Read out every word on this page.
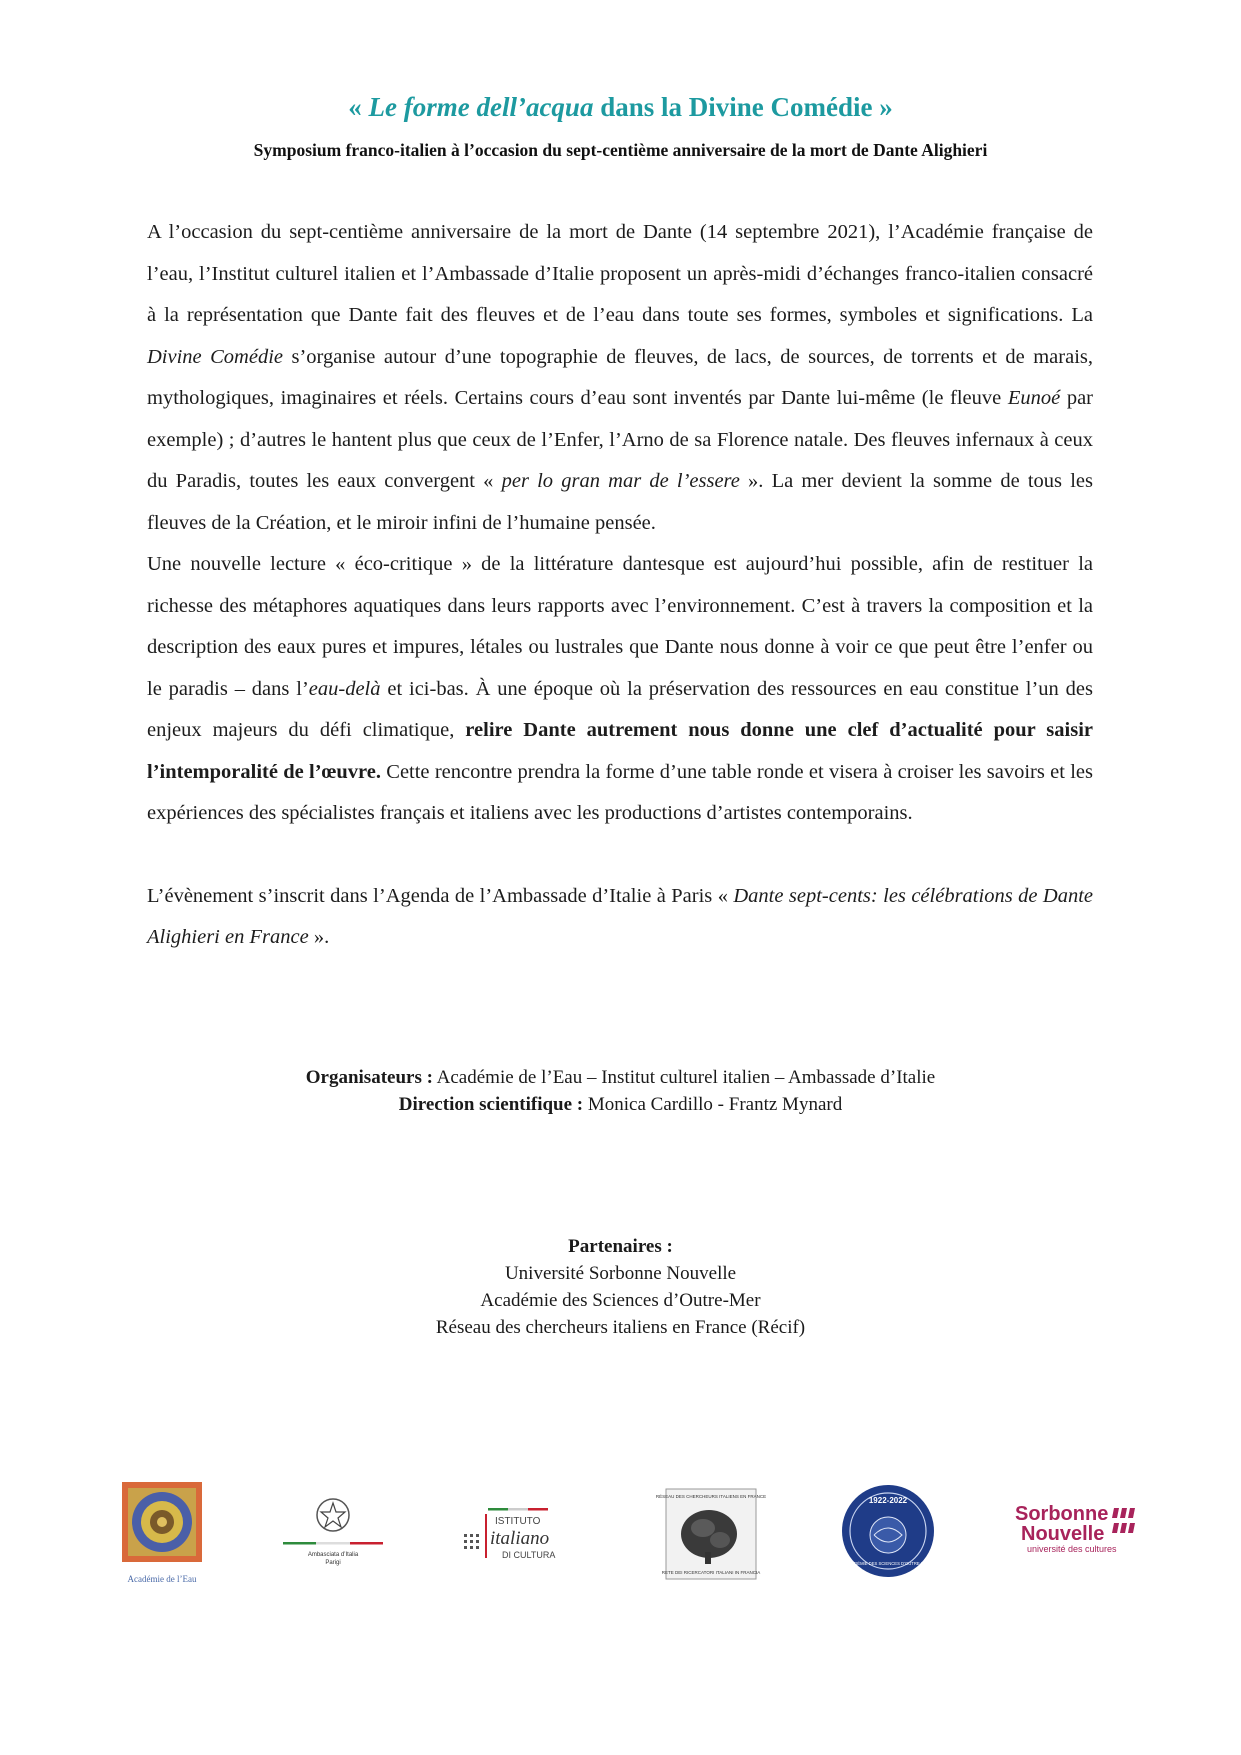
« Le forme dell’acqua dans la Divine Comédie »
Symposium franco-italien à l’occasion du sept-centième anniversaire de la mort de Dante Alighieri

A l’occasion du sept-centième anniversaire de la mort de Dante (14 septembre 2021), l’Académie française de l’eau, l’Institut culturel italien et l’Ambassade d’Italie proposent un après-midi d’échanges franco-italien consacré à la représentation que Dante fait des fleuves et de l’eau dans toute ses formes, symboles et significations. La Divine Comédie s’organise autour d’une topographie de fleuves, de lacs, de sources, de torrents et de marais, mythologiques, imaginaires et réels. Certains cours d’eau sont inventés par Dante lui-même (le fleuve Eunoé par exemple) ; d’autres le hantent plus que ceux de l’Enfer, l’Arno de sa Florence natale. Des fleuves infernaux à ceux du Paradis, toutes les eaux convergent « per lo gran mar de l’essere ». La mer devient la somme de tous les fleuves de la Création, et le miroir infini de l’humaine pensée.

Une nouvelle lecture « éco-critique » de la littérature dantesque est aujourd’hui possible, afin de restituer la richesse des métaphores aquatiques dans leurs rapports avec l’environnement. C’est à travers la composition et la description des eaux pures et impures, létales ou lustrales que Dante nous donne à voir ce que peut être l’enfer ou le paradis – dans l’eau-delà et ici-bas. À une époque où la préservation des ressources en eau constitue l’un des enjeux majeurs du défi climatique, relire Dante autrement nous donne une clef d’actualité pour saisir l’intemporalité de l’œuvre. Cette rencontre prendra la forme d’une table ronde et visera à croiser les savoirs et les expériences des spécialistes français et italiens avec les productions d’artistes contemporains.

L’évènement s’inscrit dans l’Agenda de l’Ambassade d’Italie à Paris « Dante sept-cents: les célébrations de Dante Alighieri en France ».

Organisateurs : Académie de l’Eau – Institut culturel italien – Ambassade d’Italie
Direction scientifique : Monica Cardillo - Frantz Mynard
Partenaires :
Université Sorbonne Nouvelle
Académie des Sciences d’Outre-Mer
Réseau des chercheurs italiens en France (Récif)
Académie de l’Eau
Ambasciata d’Italia
Parigi
ISTITUTO
italiano
DI CULTURA
RÉSEAU DES CHERCHEURS ITALIENS EN FRANCE
RETE DEI RICERCATORI ITALIANI IN FRANCIA
1922-2022
ACADÉMIE DES SCIENCES D’OUTRE-MER
Sorbonne
Nouvelle
université des cultures
